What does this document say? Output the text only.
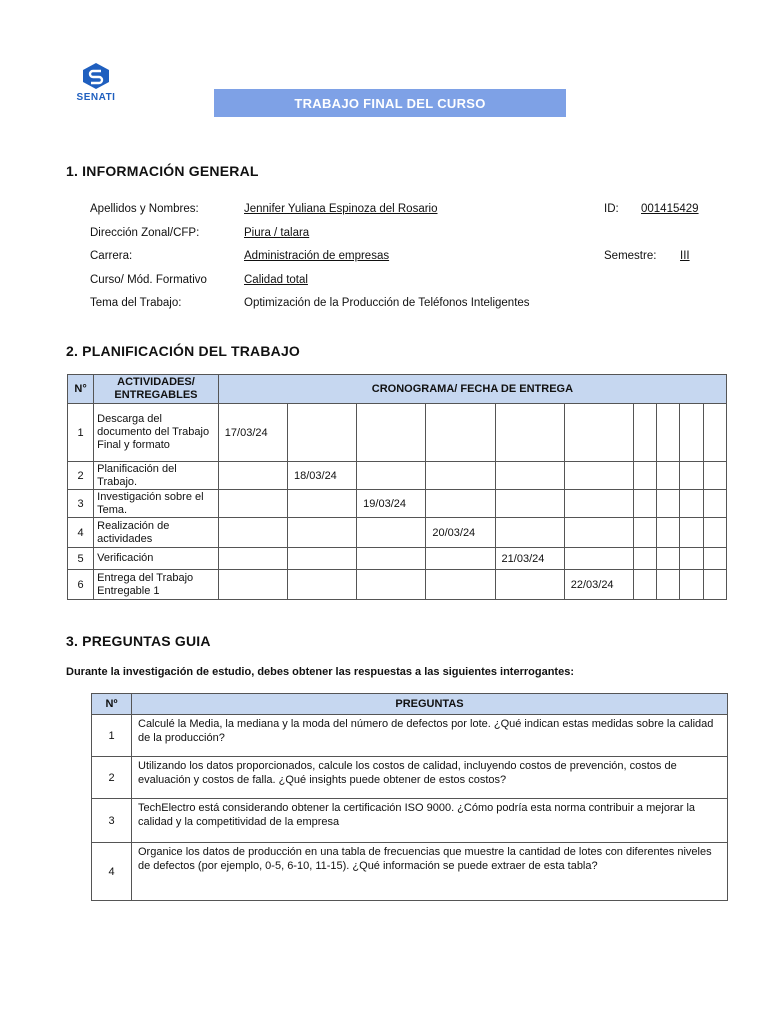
SENATI	TRABAJO FINAL DEL CURSO
1. INFORMACIÓN GENERAL
Apellidos y Nombres:	Jennifer Yuliana Espinoza del Rosario	ID: 001415429
Dirección Zonal/CFP:	Piura / talara
Carrera:	Administración de empresas	Semestre: III
Curso/ Mód. Formativo	Calidad total
Tema del Trabajo:	Optimización de la Producción de Teléfonos Inteligentes
2. PLANIFICACIÓN DEL TRABAJO
N°	ACTIVIDADES/ ENTREGABLES	CRONOGRAMA/ FECHA DE ENTREGA									
1	Descarga del documento del Trabajo Final y formato	17/03/24									
2	Planificación del Trabajo.		18/03/24								
3	Investigación sobre el Tema.			19/03/24							
4	Realización de actividades				20/03/24						
5	Verificación					21/03/24					
6	Entrega del Trabajo Entregable 1						22/03/24				
3. PREGUNTAS GUIA
Durante la investigación de estudio, debes obtener las respuestas a las siguientes interrogantes:
Nº	PREGUNTAS
1	Calculé la Media, la mediana y la moda del número de defectos por lote. ¿Qué indican estas medidas sobre la calidad de la producción?
2	Utilizando los datos proporcionados, calcule los costos de calidad, incluyendo costos de prevención, costos de evaluación y costos de falla. ¿Qué insights puede obtener de estos costos?
3	TechElectro está considerando obtener la certificación ISO 9000. ¿Cómo podría esta norma contribuir a mejorar la calidad y la competitividad de la empresa
4	Organice los datos de producción en una tabla de frecuencias que muestre la cantidad de lotes con diferentes niveles de defectos (por ejemplo, 0-5, 6-10, 11-15). ¿Qué información se puede extraer de esta tabla?
